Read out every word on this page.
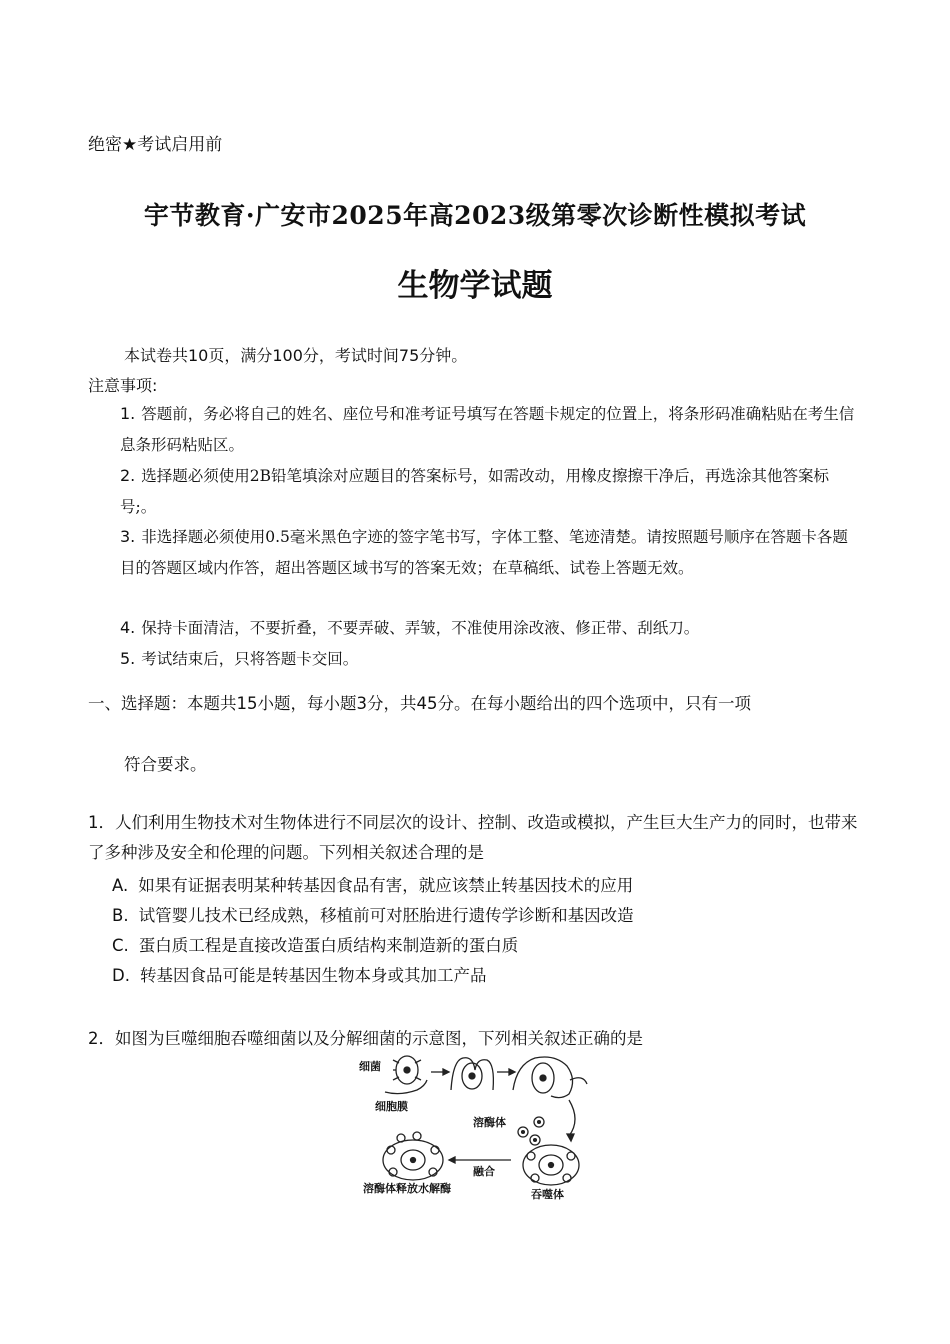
绝密★考试启用前
宇节教育·广安市2025年高2023级第零次诊断性模拟考试
生物学试题
本试卷共10页，满分100分，考试时间75分钟。
注意事项:
1. 答题前，务必将自己的姓名、座位号和准考证号填写在答题卡规定的位置上，将条形码准确粘贴在考生信息条形码粘贴区。
2. 选择题必须使用2B铅笔填涂对应题目的答案标号，如需改动，用橡皮擦擦干净后，再选涂其他答案标号;。
3. 非选择题必须使用0.5毫米黑色字迹的签字笔书写，字体工整、笔迹清楚。请按照题号顺序在答题卡各题目的答题区域内作答，超出答题区域书写的答案无效；在草稿纸、试卷上答题无效。
4. 保持卡面清洁，不要折叠，不要弄破、弄皱，不准使用涂改液、修正带、刮纸刀。
5. 考试结束后，只将答题卡交回。
一、选择题：本题共15小题，每小题3分，共45分。在每小题给出的四个选项中，只有一项
符合要求。
1．人们利用生物技术对生物体进行不同层次的设计、控制、改造或模拟，产生巨大生产力的同时，也带来了多种涉及安全和伦理的问题。下列相关叙述合理的是
A. 如果有证据表明某种转基因食品有害，就应该禁止转基因技术的应用
B. 试管婴儿技术已经成熟，移植前可对胚胎进行遗传学诊断和基因改造
C. 蛋白质工程是直接改造蛋白质结构来制造新的蛋白质
D. 转基因食品可能是转基因生物本身或其加工产品
2．如图为巨噬细胞吞噬细菌以及分解细菌的示意图，下列相关叙述正确的是
细菌
细胞膜
溶酶体
融合
吞噬体
溶酶体释放水解酶
